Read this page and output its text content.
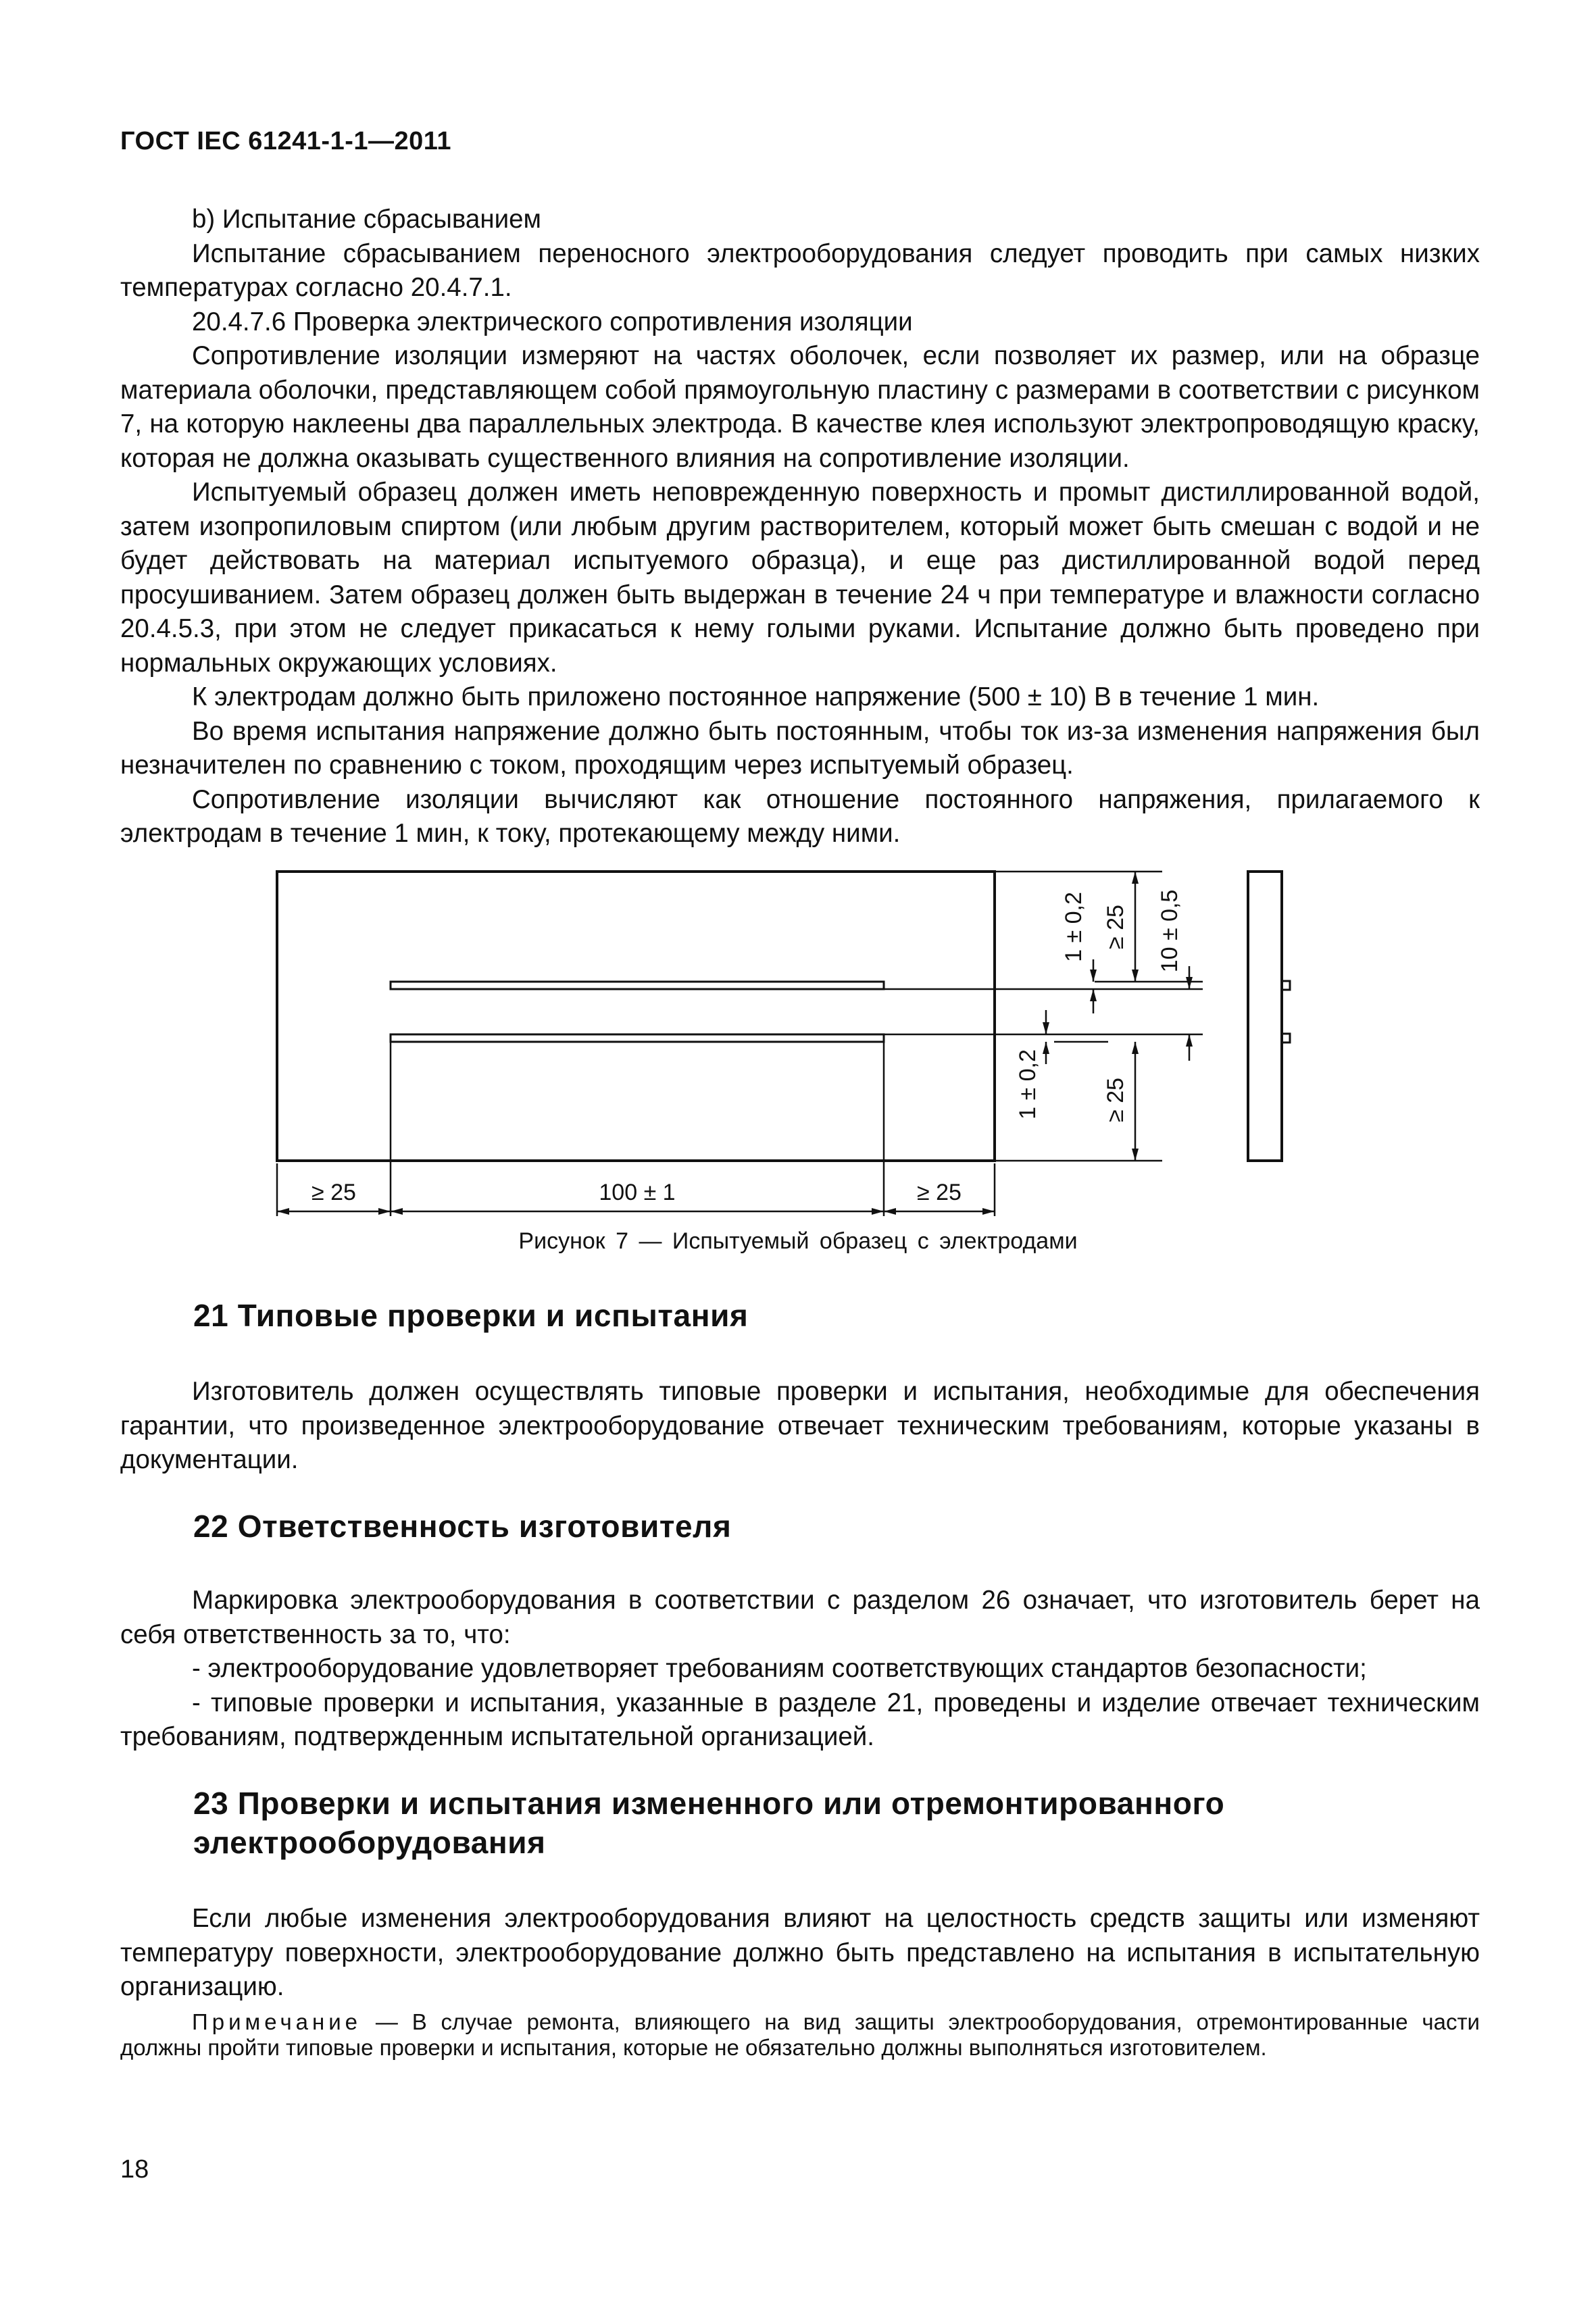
ГОСТ IEC 61241-1-1—2011

b) Испытание сбрасыванием

Испытание сбрасыванием переносного электрооборудования следует проводить при самых низких температурах согласно 20.4.7.1.

20.4.7.6 Проверка электрического сопротивления изоляции

Сопротивление изоляции измеряют на частях оболочек, если позволяет их размер, или на образце материала оболочки, представляющем собой прямоугольную пластину с размерами в соответствии с рисунком 7, на которую наклеены два параллельных электрода. В качестве клея используют электропроводящую краску, которая не должна оказывать существенного влияния на сопротивление изоляции.

Испытуемый образец должен иметь неповрежденную поверхность и промыт дистиллированной водой, затем изопропиловым спиртом (или любым другим растворителем, который может быть смешан с водой и не будет действовать на материал испытуемого образца), и еще раз дистиллированной водой перед просушиванием. Затем образец должен быть выдержан в течение 24 ч при температуре и влажности согласно 20.4.5.3, при этом не следует прикасаться к нему голыми руками. Испытание должно быть проведено при нормальных окружающих условиях.

К электродам должно быть приложено постоянное напряжение (500 ± 10) В в течение 1 мин.

Во время испытания напряжение должно быть постоянным, чтобы ток из-за изменения напряжения был незначителен по сравнению с током, проходящим через испытуемый образец.

Сопротивление изоляции вычисляют как отношение постоянного напряжения, прилагаемого к электродам в течение 1 мин, к току, протекающему между ними.

≥ 25	100 ± 1	≥ 25
1 ± 0,2 ≥ 25 10 ± 0,5
1 ± 0,2	≥ 25
Рисунок 7 — Испытуемый образец с электродами
21 Типовые проверки и испытания

Изготовитель должен осуществлять типовые проверки и испытания, необходимые для обеспечения гарантии, что произведенное электрооборудование отвечает техническим требованиям, которые указаны в документации.

22 Ответственность изготовителя

Маркировка электрооборудования в соответствии с разделом 26 означает, что изготовитель берет на себя ответственность за то, что:

- электрооборудование удовлетворяет требованиям соответствующих стандартов безопасности;

- типовые проверки и испытания, указанные в разделе 21, проведены и изделие отвечает техническим требованиям, подтвержденным испытательной организацией.

23 Проверки и испытания измененного или отремонтированного
электрооборудования

Если любые изменения электрооборудования влияют на целостность средств защиты или изменяют температуру поверхности, электрооборудование должно быть представлено на испытания в испытательную организацию.

Примечание — В случае ремонта, влияющего на вид защиты электрооборудования, отремонтированные части должны пройти типовые проверки и испытания, которые не обязательно должны выполняться изготовителем.

18
